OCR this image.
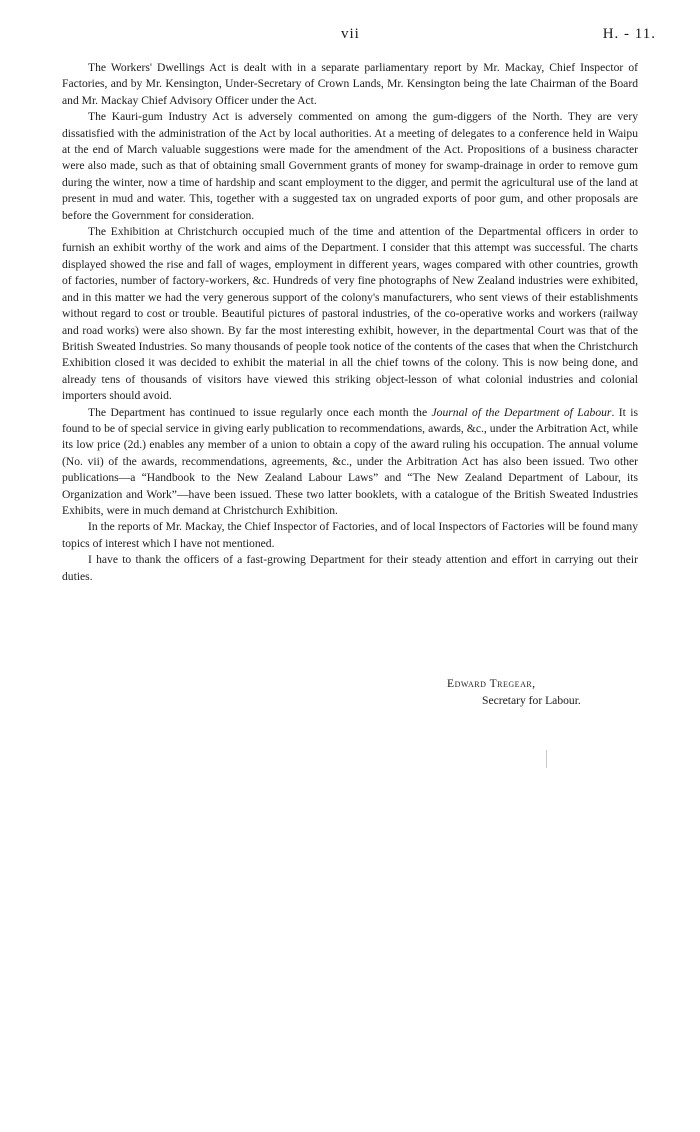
vii	H. - 11.

The Workers' Dwellings Act is dealt with in a separate parliamentary report by Mr. Mackay, Chief Inspector of Factories, and by Mr. Kensington, Under-Secretary of Crown Lands, Mr. Kensington being the late Chairman of the Board and Mr. Mackay Chief Advisory Officer under the Act.

The Kauri-gum Industry Act is adversely commented on among the gum-diggers of the North. They are very dissatisfied with the administration of the Act by local authorities. At a meeting of delegates to a conference held in Waipu at the end of March valuable suggestions were made for the amendment of the Act. Propositions of a business character were also made, such as that of obtaining small Government grants of money for swamp-drainage in order to remove gum during the winter, now a time of hardship and scant employment to the digger, and permit the agricultural use of the land at present in mud and water. This, together with a suggested tax on ungraded exports of poor gum, and other proposals are before the Government for consideration.

The Exhibition at Christchurch occupied much of the time and attention of the Departmental officers in order to furnish an exhibit worthy of the work and aims of the Department. I consider that this attempt was successful. The charts displayed showed the rise and fall of wages, employment in different years, wages compared with other countries, growth of factories, number of factory-workers, &c. Hundreds of very fine photographs of New Zealand industries were exhibited, and in this matter we had the very generous support of the colony's manufacturers, who sent views of their establishments without regard to cost or trouble. Beautiful pictures of pastoral industries, of the co-operative works and workers (railway and road works) were also shown. By far the most interesting exhibit, however, in the departmental Court was that of the British Sweated Industries. So many thousands of people took notice of the contents of the cases that when the Christchurch Exhibition closed it was decided to exhibit the material in all the chief towns of the colony. This is now being done, and already tens of thousands of visitors have viewed this striking object-lesson of what colonial industries and colonial importers should avoid.

The Department has continued to issue regularly once each month the Journal of the Department of Labour. It is found to be of special service in giving early publication to recommendations, awards, &c., under the Arbitration Act, while its low price (2d.) enables any member of a union to obtain a copy of the award ruling his occupation. The annual volume (No. vii) of the awards, recommendations, agreements, &c., under the Arbitration Act has also been issued. Two other publications—a “Handbook to the New Zealand Labour Laws” and “The New Zealand Department of Labour, its Organization and Work”—have been issued. These two latter booklets, with a catalogue of the British Sweated Industries Exhibits, were in much demand at Christchurch Exhibition.

In the reports of Mr. Mackay, the Chief Inspector of Factories, and of local Inspectors of Factories will be found many topics of interest which I have not mentioned.

I have to thank the officers of a fast-growing Department for their steady attention and effort in carrying out their duties.

Edward Tregear,
Secretary for Labour.
